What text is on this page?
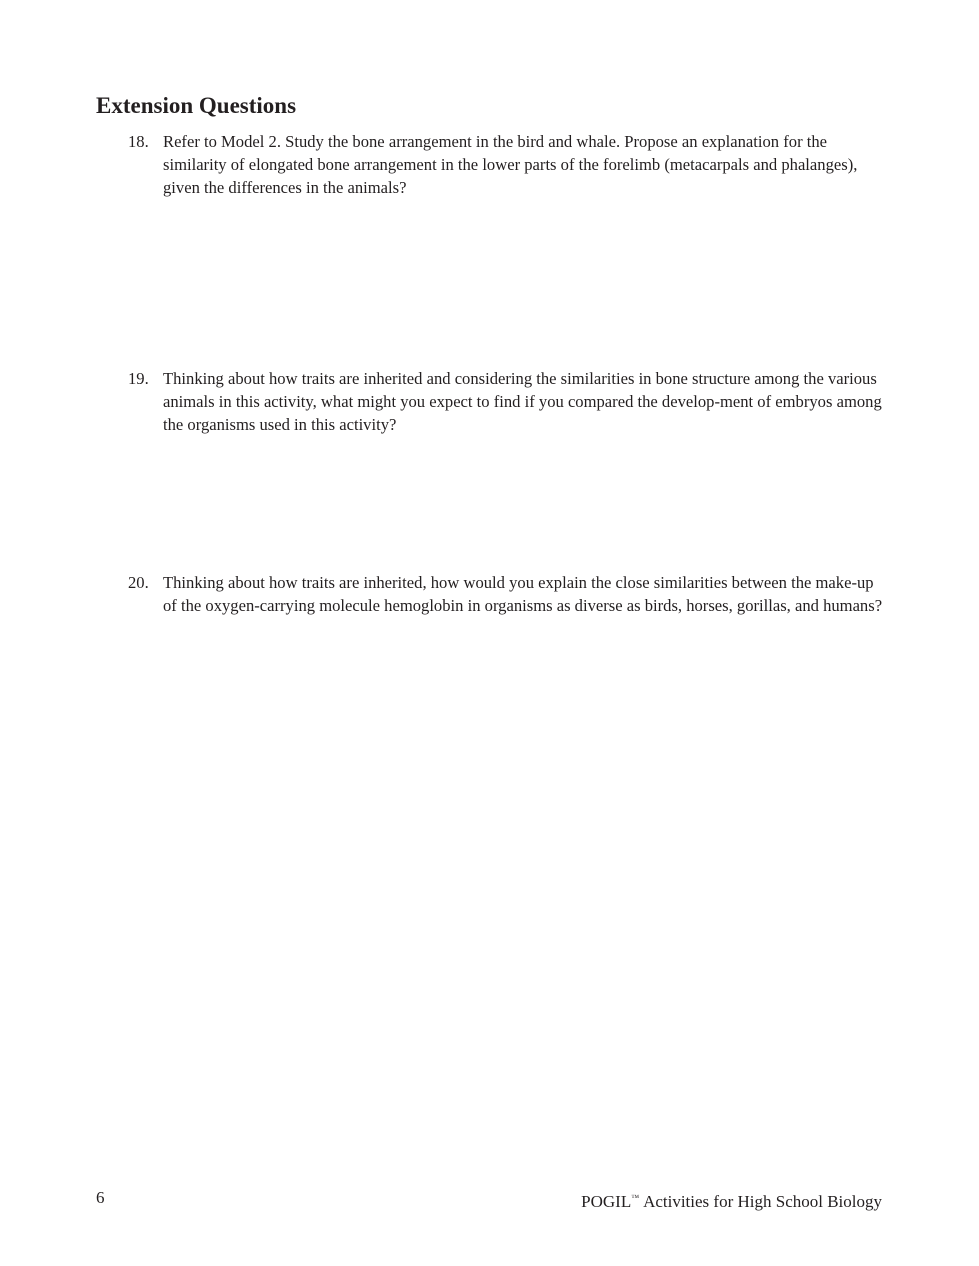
Extension Questions
18. Refer to Model 2. Study the bone arrangement in the bird and whale. Propose an explanation for the similarity of elongated bone arrangement in the lower parts of the forelimb (metacarpals and phalanges), given the differences in the animals?
19. Thinking about how traits are inherited and considering the similarities in bone structure among the various animals in this activity, what might you expect to find if you compared the develop-ment of embryos among the organisms used in this activity?
20. Thinking about how traits are inherited, how would you explain the close similarities between the make-up of the oxygen-carrying molecule hemoglobin in organisms as diverse as birds, horses, gorillas, and humans?
6	POGIL™ Activities for High School Biology
